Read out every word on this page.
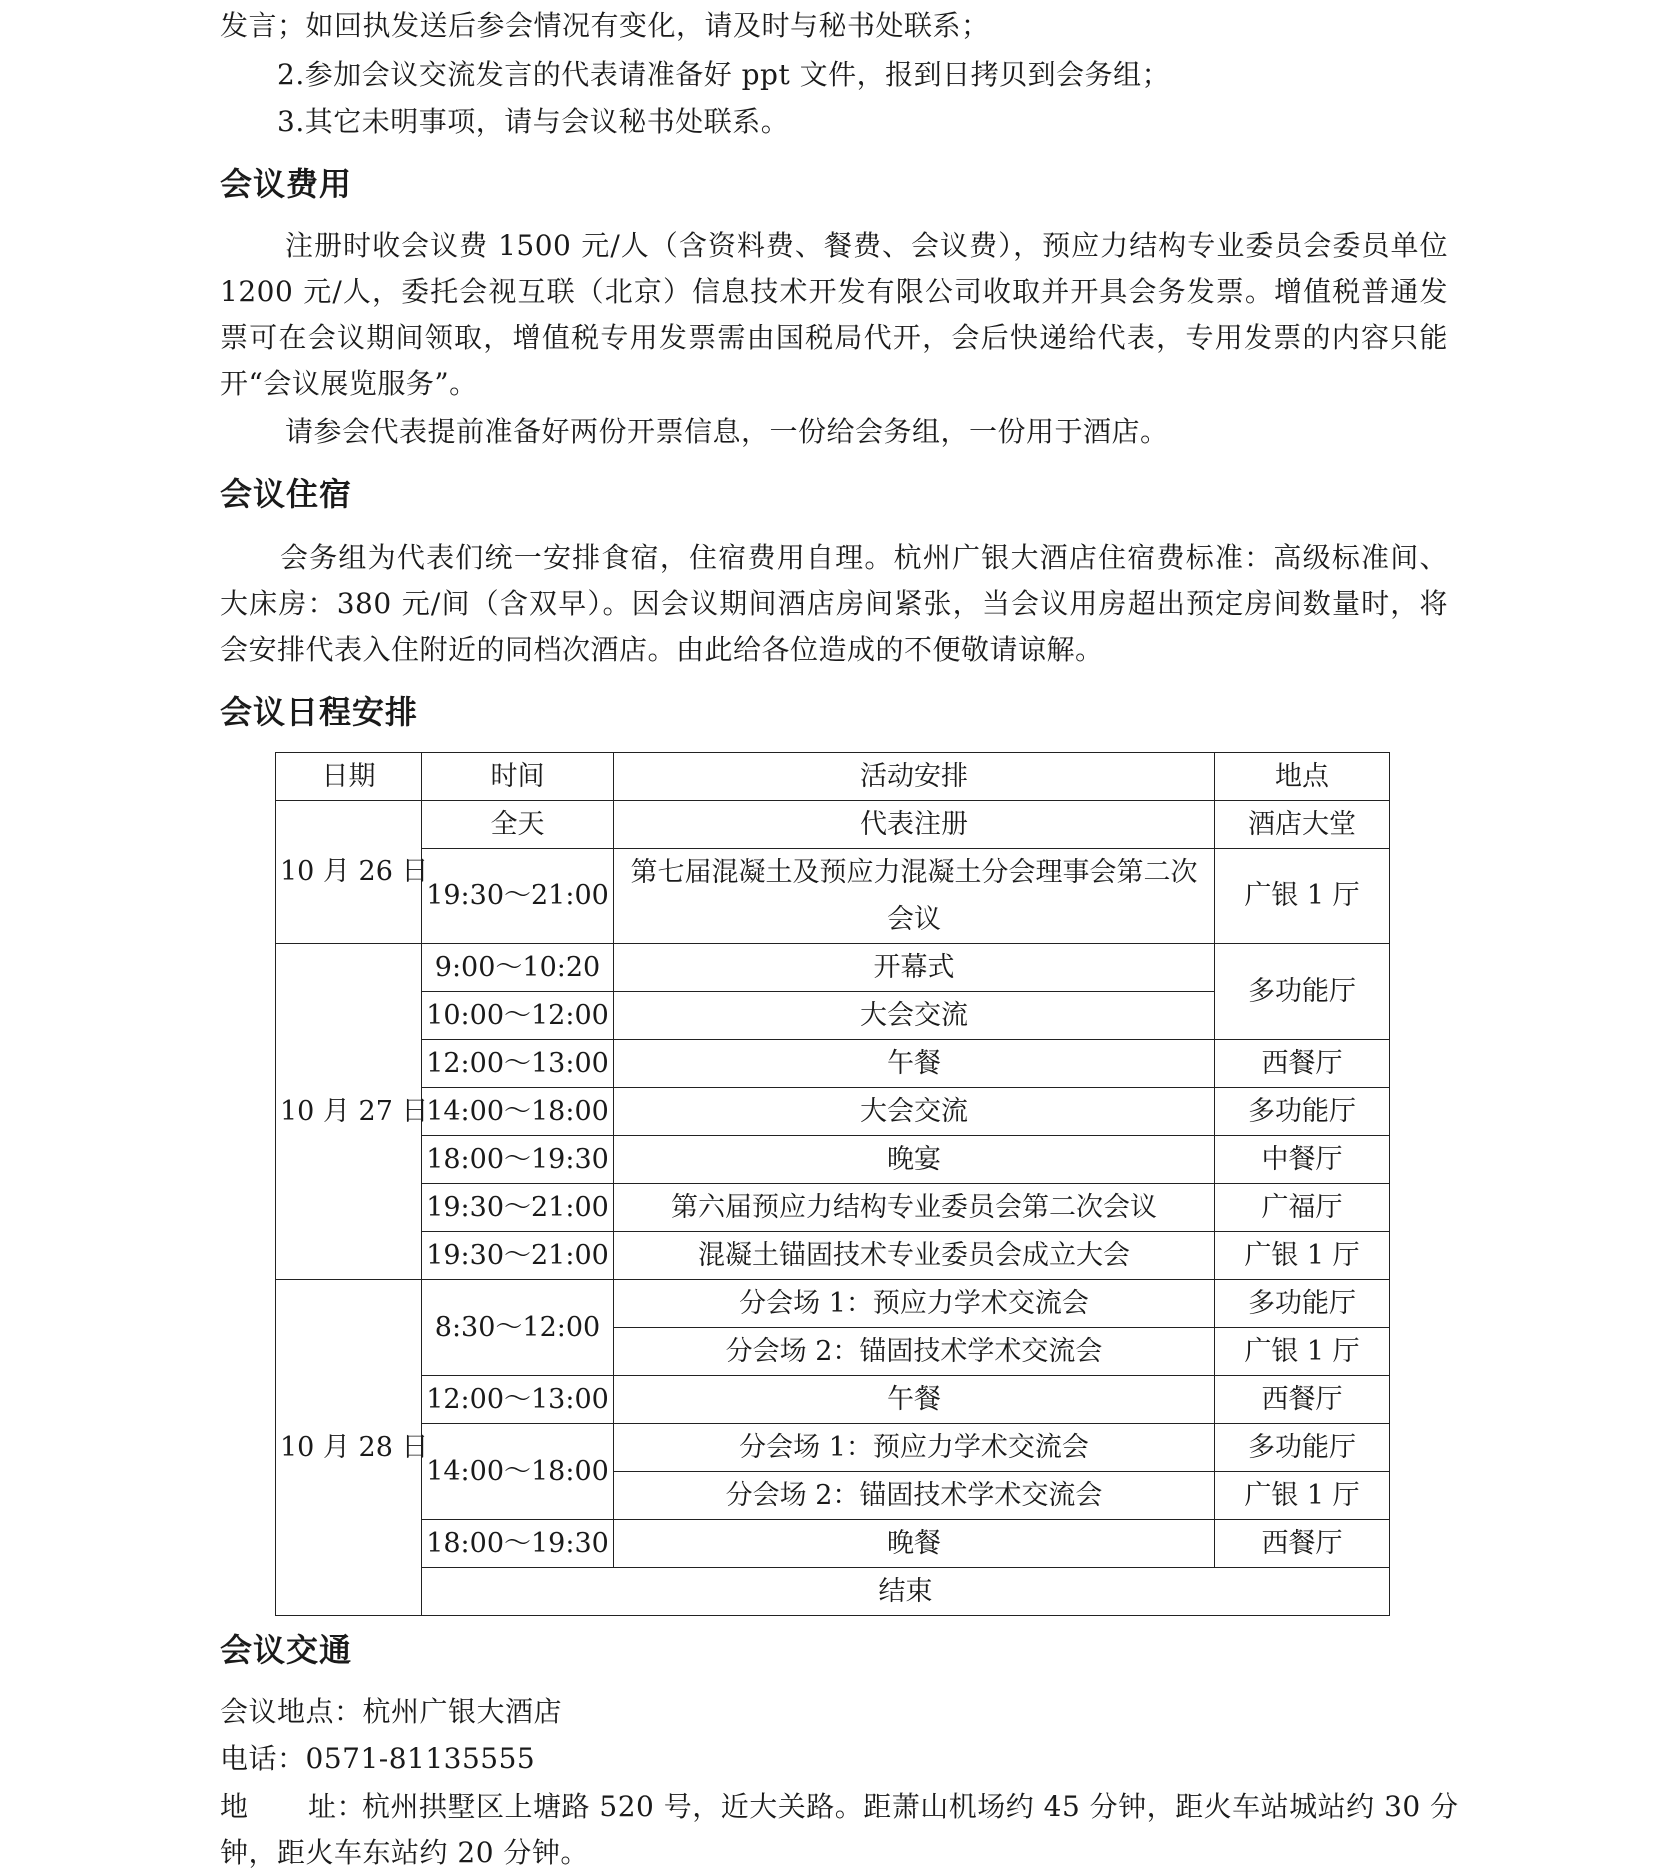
发言；如回执发送后参会情况有变化，请及时与秘书处联系；
2.参加会议交流发言的代表请准备好 ppt 文件，报到日拷贝到会务组；
3.其它未明事项，请与会议秘书处联系。
会议费用
注册时收会议费 1500 元/人（含资料费、餐费、会议费），预应力结构专业委员会委员单位
1200 元/人，委托会视互联（北京）信息技术开发有限公司收取并开具会务发票。增值税普通发
票可在会议期间领取，增值税专用发票需由国税局代开，会后快递给代表，专用发票的内容只能
开“会议展览服务”。
请参会代表提前准备好两份开票信息，一份给会务组，一份用于酒店。
会议住宿
会务组为代表们统一安排食宿，住宿费用自理。杭州广银大酒店住宿费标准：高级标准间、
大床房：380 元/间（含双早）。因会议期间酒店房间紧张，当会议用房超出预定房间数量时，将
会安排代表入住附近的同档次酒店。由此给各位造成的不便敬请谅解。
会议日程安排
日期	时间	活动安排	地点
10 月 26 日	全天	代表注册	酒店大堂
	19:30～21:00	第七届混凝土及预应力混凝土分会理事会第二次会议	广银 1 厅

10 月 27 日	9:00～10:20	开幕式	多功能厅
	10:00～12:00	大会交流	
	12:00～13:00	午餐	西餐厅
	14:00～18:00	大会交流	多功能厅
	18:00～19:30	晚宴	中餐厅
	19:30～21:00	第六届预应力结构专业委员会第二次会议	广福厅
	19:30～21:00	混凝土锚固技术专业委员会成立大会	广银 1 厅
10 月 28 日	8:30～12:00	分会场 1：预应力学术交流会	多功能厅
		分会场 2：锚固技术学术交流会	广银 1 厅
	12:00～13:00	午餐	西餐厅
	14:00～18:00	分会场 1：预应力学术交流会	多功能厅
		分会场 2：锚固技术学术交流会	广银 1 厅
	18:00～19:30	晚餐	西餐厅
	结束		
会议交通
会议地点：杭州广银大酒店
电话：0571-81135555
地 址：
杭州拱墅区上塘路 520 号，近大关路。距萧山机场约 45 分钟，距火车站城站约 30 分
钟，距火车东站约 20 分钟。
